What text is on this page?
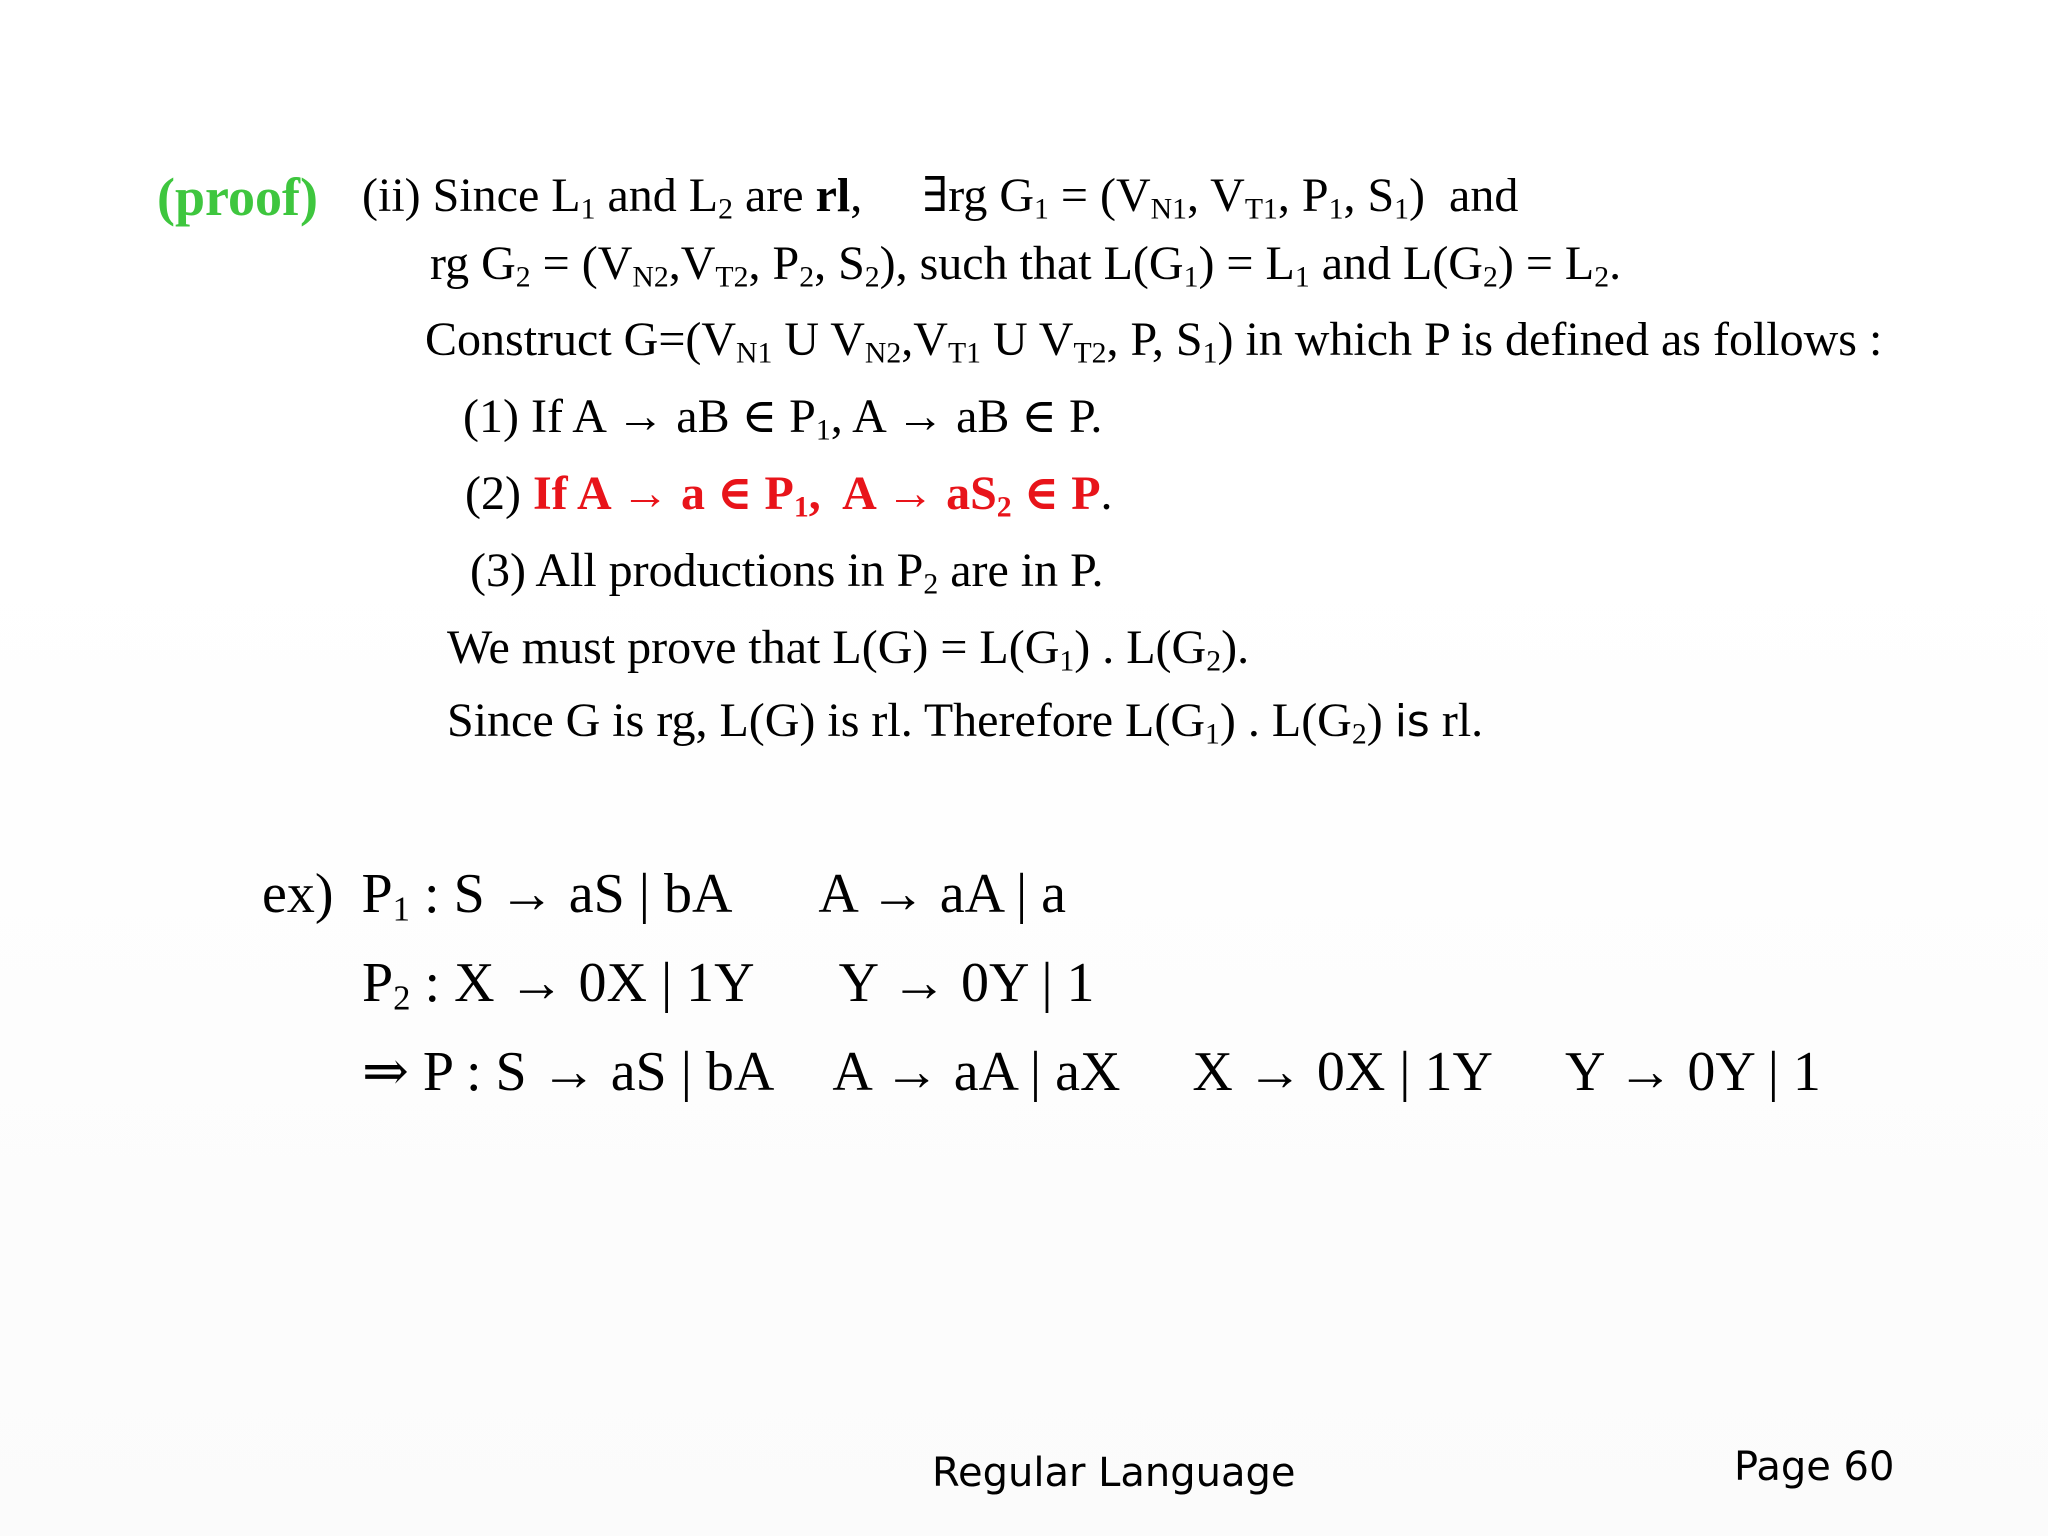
(proof) (ii) Since $L_1$ and $L_2$ are rl,     ∃rg $G_1 = (V_{N1}$, $V_{T1}$, $P_1$, $S_1$)  and
rg $G_2 = (V_{N2},V_{T2}$, $P_2$, $S_2$), such that $L(G_1) = L_1$ and $L(G_2) = L_2$.
Construct $G=(V_{N1}$ U $V_{N2},V_{T1}$ U $V_{T2}$, P, $S_1$) in which P is defined as follows :
(1) If A → aB ∈ $P_1$, A → aB ∈ P.
(2) If A → a ∈ $P_1$,  $A \to aS_2$ ∈ P.
(3) All productions in $P_2$ are in P.
We must prove that $L(G) = L(G_1)$ . $L(G_2)$.
Since G is rg, L(G) is rl. Therefore $L(G_1)$ . $L(G_2)$ is rl.
ex) $P_1$ : S → aS | bA A → aA | a
$P_2$ : X → 0X | 1Y Y → 0Y | 1
⇒ P : S → aS | bA A → aA | aX X → 0X | 1Y Y → 0Y | 1
Regular Language	Page 60
